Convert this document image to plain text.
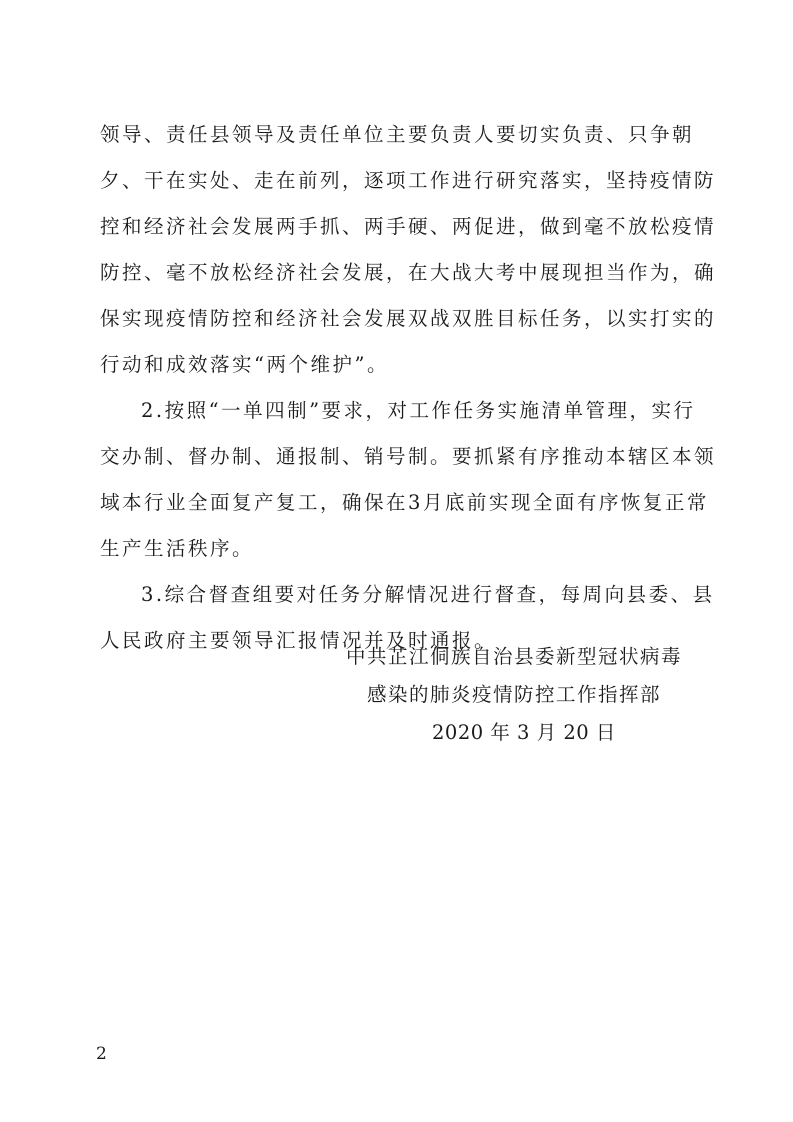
领导、责任县领导及责任单位主要负责人要切实负责、只争朝
夕、干在实处、走在前列，逐项工作进行研究落实，坚持疫情防
控和经济社会发展两手抓、两手硬、两促进，做到毫不放松疫情
防控、毫不放松经济社会发展，在大战大考中展现担当作为，确
保实现疫情防控和经济社会发展双战双胜目标任务，以实打实的
行动和成效落实“两个维护”。
2.按照“一单四制”要求，对工作任务实施清单管理，实行
交办制、督办制、通报制、销号制。要抓紧有序推动本辖区本领
域本行业全面复产复工，确保在3月底前实现全面有序恢复正常
生产生活秩序。
3.综合督查组要对任务分解情况进行督查，每周向县委、县
人民政府主要领导汇报情况并及时通报。
中共芷江侗族自治县委新型冠状病毒
感染的肺炎疫情防控工作指挥部
2020 年 3 月 20 日
2
